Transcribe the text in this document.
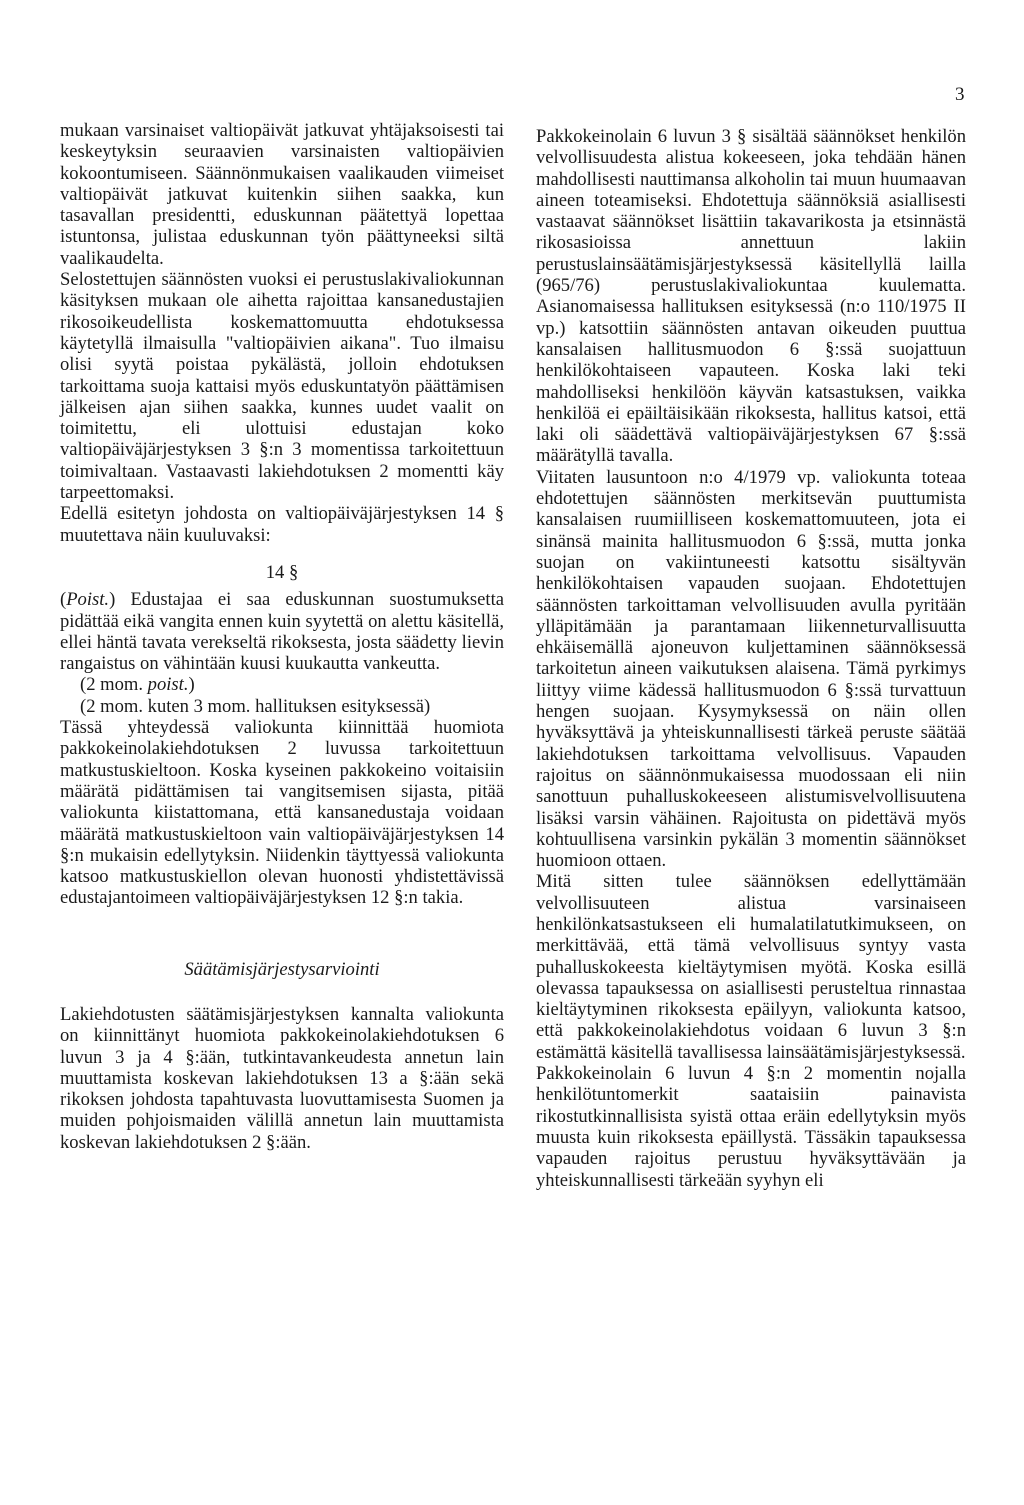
3

mukaan varsinaiset valtiopäivät jatkuvat yhtäjaksoisesti tai keskeytyksin seuraavien varsinaisten valtiopäivien kokoontumiseen. Säännönmukaisen vaalikauden viimeiset valtiopäivät jatkuvat kuitenkin siihen saakka, kun tasavallan presidentti, eduskunnan päätettyä lopettaa istuntonsa, julistaa eduskunnan työn päättyneeksi siltä vaalikaudelta.

Selostettujen säännösten vuoksi ei perustuslakivaliokunnan käsityksen mukaan ole aihetta rajoittaa kansanedustajien rikosoikeudellista koskemattomuutta ehdotuksessa käytetyllä ilmaisulla "valtiopäivien aikana". Tuo ilmaisu olisi syytä poistaa pykälästä, jolloin ehdotuksen tarkoittama suoja kattaisi myös eduskuntatyön päättämisen jälkeisen ajan siihen saakka, kunnes uudet vaalit on toimitettu, eli ulottuisi edustajan koko valtiopäiväjärjestyksen 3 §:n 3 momentissa tarkoitettuun toimivaltaan. Vastaavasti lakiehdotuksen 2 momentti käy tarpeettomaksi.

Edellä esitetyn johdosta on valtiopäiväjärjestyksen 14 § muutettava näin kuuluvaksi:

14 §

(Poist.) Edustajaa ei saa eduskunnan suostumuksetta pidättää eikä vangita ennen kuin syytettä on alettu käsitellä, ellei häntä tavata verekseltä rikoksesta, josta säädetty lievin rangaistus on vähintään kuusi kuukautta vankeutta.

(2 mom. poist.)

(2 mom. kuten 3 mom. hallituksen esityksessä)

Tässä yhteydessä valiokunta kiinnittää huomiota pakkokeinolakiehdotuksen 2 luvussa tarkoitettuun matkustuskieltoon. Koska kyseinen pakkokeino voitaisiin määrätä pidättämisen tai vangitsemisen sijasta, pitää valiokunta kiistattomana, että kansanedustaja voidaan määrätä matkustuskieltoon vain valtiopäiväjärjestyksen 14 §:n mukaisin edellytyksin. Niidenkin täyttyessä valiokunta katsoo matkustuskiellon olevan huonosti yhdistettävissä edustajantoimeen valtiopäiväjärjestyksen 12 §:n takia.

Säätämisjärjestysarviointi

Lakiehdotusten säätämisjärjestyksen kannalta valiokunta on kiinnittänyt huomiota pakkokeinolakiehdotuksen 6 luvun 3 ja 4 §:ään, tutkintavankeudesta annetun lain muuttamista koskevan lakiehdotuksen 13 a §:ään sekä rikoksen johdosta tapahtuvasta luovuttamisesta Suomen ja muiden pohjoismaiden välillä annetun lain muuttamista koskevan lakiehdotuksen 2 §:ään.

Pakkokeinolain 6 luvun 3 § sisältää säännökset henkilön velvollisuudesta alistua kokeeseen, joka tehdään hänen mahdollisesti nauttimansa alkoholin tai muun huumaavan aineen toteamiseksi. Ehdotettuja säännöksiä asiallisesti vastaavat säännökset lisättiin takavarikosta ja etsinnästä rikosasioissa annettuun lakiin perustuslainsäätämisjärjestyksessä käsitellyllä lailla (965/76) perustuslakivaliokuntaa kuulematta. Asianomaisessa hallituksen esityksessä (n:o 110/1975 II vp.) katsottiin säännösten antavan oikeuden puuttua kansalaisen hallitusmuodon 6 §:ssä suojattuun henkilökohtaiseen vapauteen. Koska laki teki mahdolliseksi henkilöön käyvän katsastuksen, vaikka henkilöä ei epäiltäisikään rikoksesta, hallitus katsoi, että laki oli säädettävä valtiopäiväjärjestyksen 67 §:ssä määrätyllä tavalla.

Viitaten lausuntoon n:o 4/1979 vp. valiokunta toteaa ehdotettujen säännösten merkitsevän puuttumista kansalaisen ruumiilliseen koskemattomuuteen, jota ei sinänsä mainita hallitusmuodon 6 §:ssä, mutta jonka suojan on vakiintuneesti katsottu sisältyvän henkilökohtaisen vapauden suojaan. Ehdotettujen säännösten tarkoittaman velvollisuuden avulla pyritään ylläpitämään ja parantamaan liikenneturvallisuutta ehkäisemällä ajoneuvon kuljettaminen säännöksessä tarkoitetun aineen vaikutuksen alaisena. Tämä pyrkimys liittyy viime kädessä hallitusmuodon 6 §:ssä turvattuun hengen suojaan. Kysymyksessä on näin ollen hyväksyttävä ja yhteiskunnallisesti tärkeä peruste säätää lakiehdotuksen tarkoittama velvollisuus. Vapauden rajoitus on säännönmukaisessa muodossaan eli niin sanottuun puhalluskokeeseen alistumisvelvollisuutena lisäksi varsin vähäinen. Rajoitusta on pidettävä myös kohtuullisena varsinkin pykälän 3 momentin säännökset huomioon ottaen.

Mitä sitten tulee säännöksen edellyttämään velvollisuuteen alistua varsinaiseen henkilönkatsastukseen eli humalatilatutkimukseen, on merkittävää, että tämä velvollisuus syntyy vasta puhalluskokeesta kieltäytymisen myötä. Koska esillä olevassa tapauksessa on asiallisesti perusteltua rinnastaa kieltäytyminen rikoksesta epäilyyn, valiokunta katsoo, että pakkokeinolakiehdotus voidaan 6 luvun 3 §:n estämättä käsitellä tavallisessa lainsäätämisjärjestyksessä.

Pakkokeinolain 6 luvun 4 §:n 2 momentin nojalla henkilötuntomerkit saataisiin painavista rikostutkinnallisista syistä ottaa eräin edellytyksin myös muusta kuin rikoksesta epäillystä. Tässäkin tapauksessa vapauden rajoitus perustuu hyväksyttävään ja yhteiskunnallisesti tärkeään syyhyn eli
